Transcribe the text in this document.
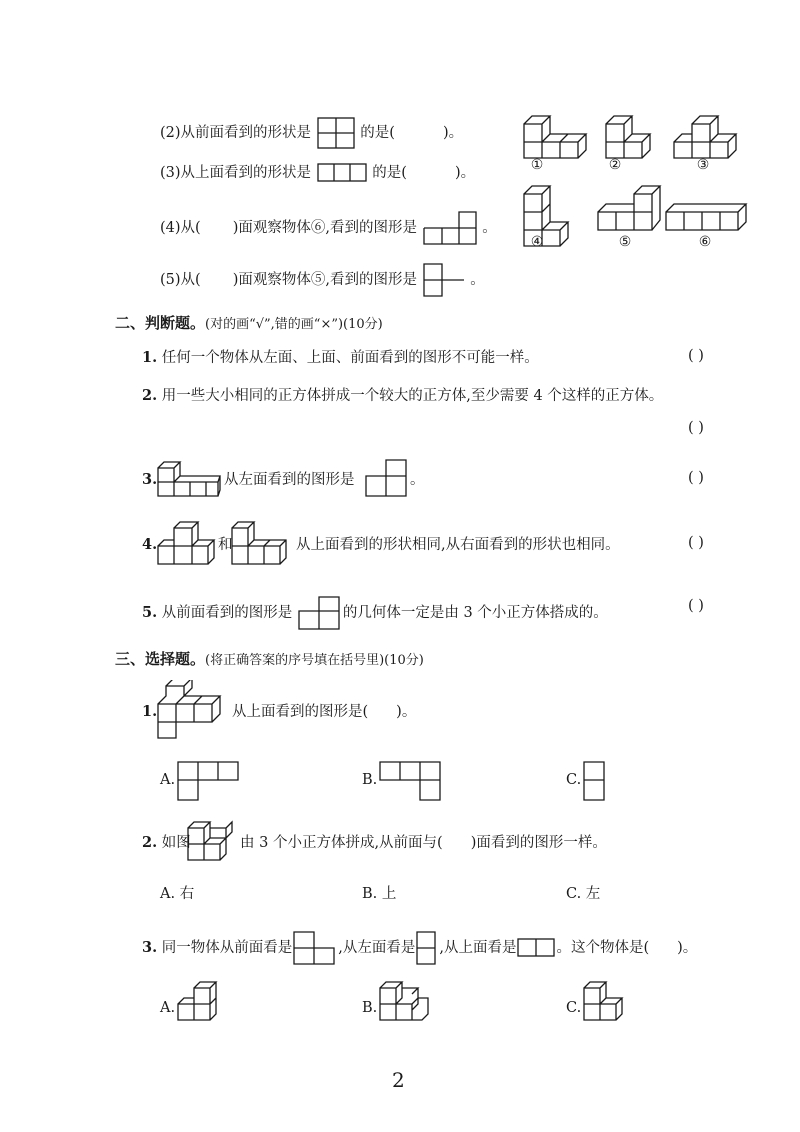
(2)从前面看到的形状是	的是(	)。
(3)从上面看到的形状是	的是(	)。
(4)从( )面观察物体⑥,看到的图形是	。
(5)从( )面观察物体⑤,看到的图形是	。
①	②	③
④	⑤	⑥
二、判断题。(对的画“√”,错的画“×”)(10分)
1. 任何一个物体从左面、上面、前面看到的图形不可能一样。	( )
2. 用一些大小相同的正方体拼成一个较大的正方体,至少需要 4 个这样的正方体。
( )
3.	从左面看到的图形是	。	( )
4.	和	从上面看到的形状相同,从右面看到的形状也相同。	( )
5. 从前面看到的图形是	的几何体一定是由 3 个小正方体搭成的。	( )
三、选择题。(将正确答案的序号填在括号里)(10分)
1.	从上面看到的图形是( )。
A.	B.	C.
2. 如图	由 3 个小正方体拼成,从前面与( )面看到的图形一样。
A. 右	B. 上	C. 左
3. 同一物体从前面看是	,从左面看是 ,从上面看是	。这个物体是( )。
A.	B.	C.
2
